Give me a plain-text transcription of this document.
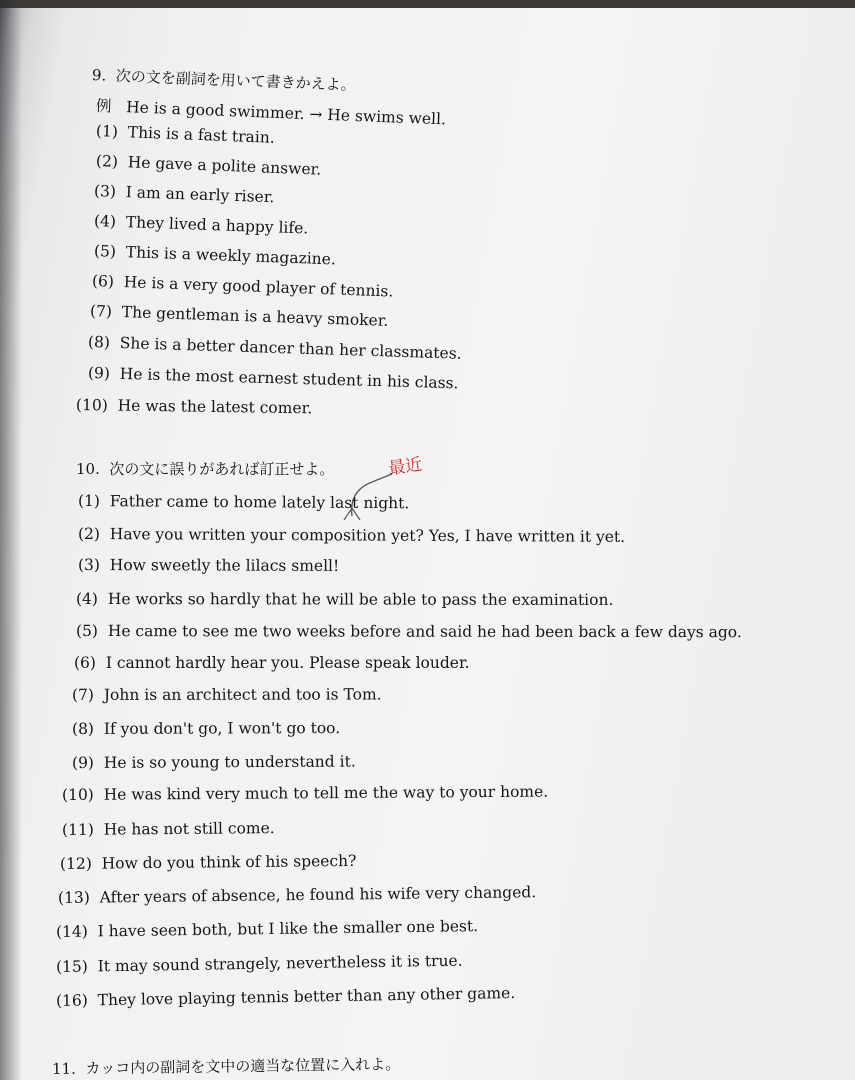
9. 次の文を副詞を用いて書きかえよ。
例 He is a good swimmer. → He swims well.
(1) This is a fast train.
(2) He gave a polite answer.
(3) I am an early riser.
(4) They lived a happy life.
(5) This is a weekly magazine.
(6) He is a very good player of tennis.
(7) The gentleman is a heavy smoker.
(8) She is a better dancer than her classmates.
(9) He is the most earnest student in his class.
(10) He was the latest comer.
10. 次の文に誤りがあれば訂正せよ。	最近
(1) Father came to home lately last night.
(2) Have you written your composition yet? Yes, I have written it yet.
(3) How sweetly the lilacs smell!
(4) He works so hardly that he will be able to pass the examination.
(5) He came to see me two weeks before and said he had been back a few days ago.
(6) I cannot hardly hear you. Please speak louder.
(7) John is an architect and too is Tom.
(8) If you don't go, I won't go too.
(9) He is so young to understand it.
(10) He was kind very much to tell me the way to your home.
(11) He has not still come.
(12) How do you think of his speech?
(13) After years of absence, he found his wife very changed.
(14) I have seen both, but I like the smaller one best.
(15) It may sound strangely, nevertheless it is true.
(16) They love playing tennis better than any other game.
11. カッコ内の副詞を文中の適当な位置に入れよ。
